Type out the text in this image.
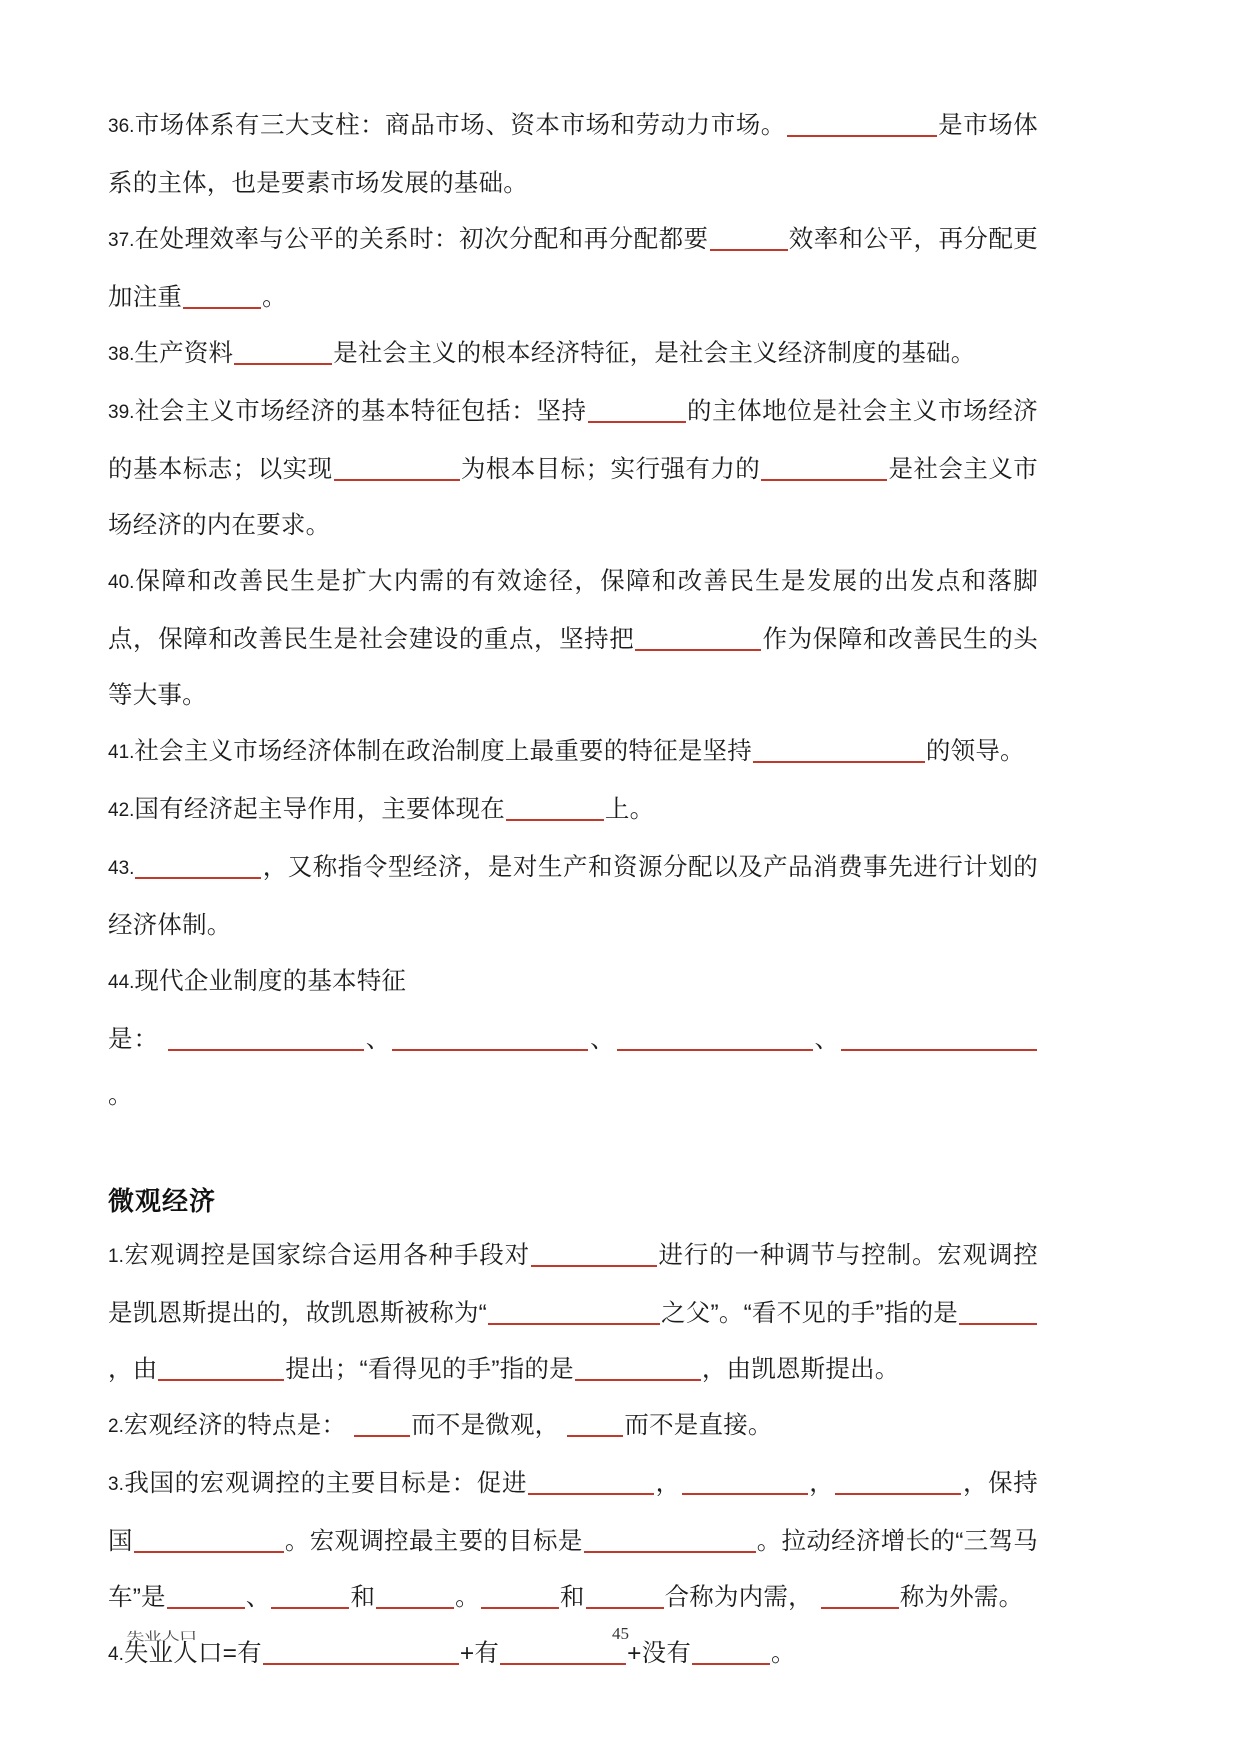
36.市场体系有三大支柱：商品市场、资本市场和劳动力市场。	是市场体系的主体，也是要素市场发展的基础。

37.在处理效率与公平的关系时：初次分配和再分配都要	效率和公平，再分配更加注重	。

38.生产资料	是社会主义的根本经济特征，是社会主义经济制度的基础。

39.社会主义市场经济的基本特征包括：坚持	的主体地位是社会主义市场经济的基本标志；以实现	为根本目标；实行强有力的	是社会主义市场经济的内在要求。

40.保障和改善民生是扩大内需的有效途径，保障和改善民生是发展的出发点和落脚点，保障和改善民生是社会建设的重点，坚持把	作为保障和改善民生的头等大事。

41.社会主义市场经济体制在政治制度上最重要的特征是坚持	的领导。

42.国有经济起主导作用，主要体现在	上。

43.	，又称指令型经济，是对生产和资源分配以及产品消费事先进行计划的经济体制。

44.现代企业制度的基本特征
是：	、	、	、。

微观经济

1.宏观调控是国家综合运用各种手段对	进行的一种调节与控制。宏观调控是凯恩斯提出的，故凯恩斯被称为“	之父”。“看不见的手”指的是，由	提出；“看得见的手”指的是	，由凯恩斯提出。

2.宏观经济的特点是：	而不是微观，	而不是直接。

3.我国的宏观调控的主要目标是：促进	，	，	，保持国	。宏观调控最主要的目标是	。拉动经济增长的“三驾马车”是	、	和	。	和	合称为内需，	称为外需。

失业人口
4.失业人口=有	+有	+没有	。

45
